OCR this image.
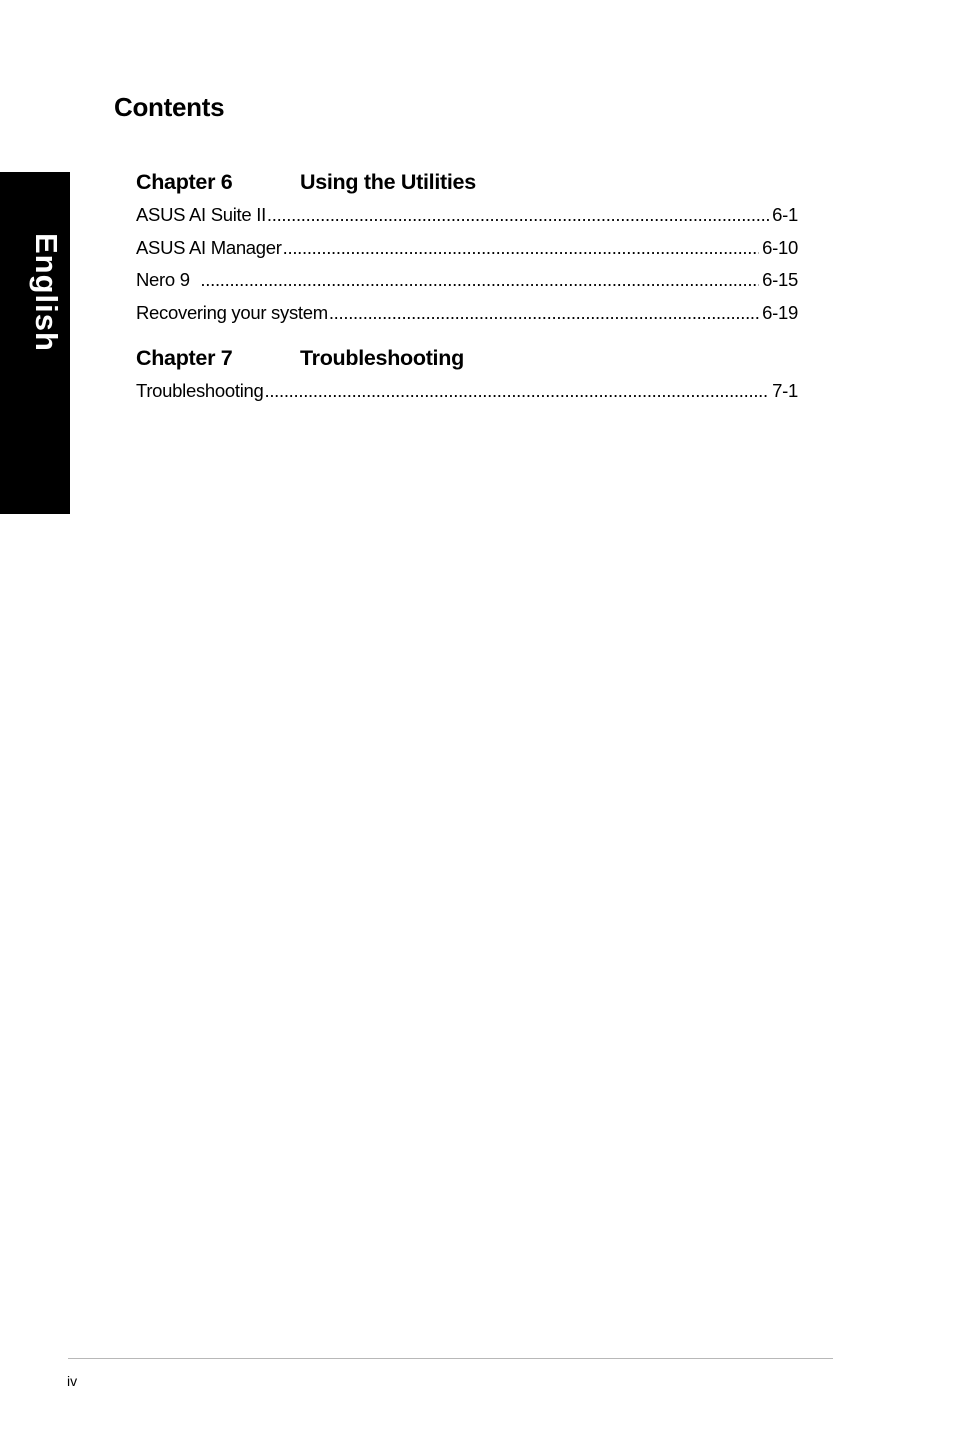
English
Contents
Chapter 6	Using the Utilities
ASUS AI Suite II .....	6-1
ASUS AI Manager .....	6-10
Nero 9 .....	6-15
Recovering your system .....	6-19
Chapter 7	Troubleshooting
Troubleshooting .....	7-1
iv
